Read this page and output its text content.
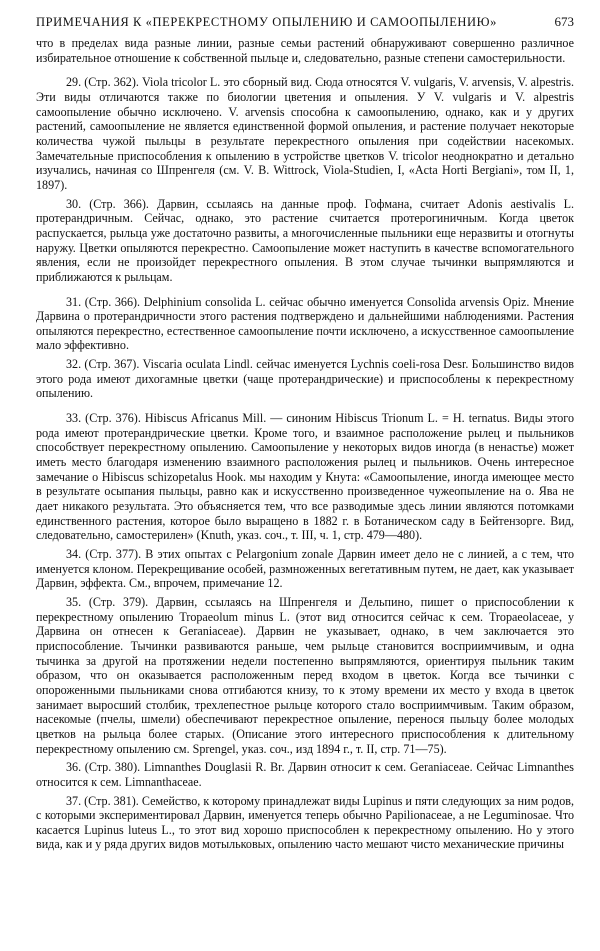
ПРИМЕЧАНИЯ К «ПЕРЕКРЕСТНОМУ ОПЫЛЕНИЮ И САМООПЫЛЕНИЮ»	673

что в пределах вида разные линии, разные семьи растений обнаруживают совершенно различное избирательное отношение к собственной пыльце и, следовательно, разные степени самостерильности.

29. (Стр. 362). Viola tricolor L. это сборный вид. Сюда относятся V. vulgaris, V. arvensis, V. alpestris. Эти виды отличаются также по биологии цветения и опыления. У V. vulgaris и V. alpestris самоопыление обычно исключено. V. arvensis способна к самоопылению, однако, как и у других растений, самоопыление не является единственной формой опыления, и растение получает некоторые количества чужой пыльцы в результате перекрестного опыления при содействии насекомых. Замечательные приспособления к опылению в устройстве цветков V. tricolor неоднократно и детально изучались, начиная со Шпренгеля (см. V. B. Wittrock, Viola-Studien, I, «Acta Horti Bergiani», том II, 1, 1897).

30. (Стр. 366). Дарвин, ссылаясь на данные проф. Гофмана, считает Adonis aestivalis L. протерандричным. Сейчас, однако, это растение считается протерогиничным. Когда цветок распускается, рыльца уже достаточно развиты, а многочисленные пыльники еще неразвиты и отогнуты наружу. Цветки опыляются перекрестно. Самоопыление может наступить в качестве вспомогательного явления, если не произойдет перекрестного опыления. В этом случае тычинки выпрямляются и приближаются к рыльцам.

31. (Стр. 366). Delphinium consolida L. сейчас обычно именуется Consolida arvensis Opiz. Мнение Дарвина о протерандричности этого растения подтверждено и дальнейшими наблюдениями. Растения опыляются перекрестно, естественное самоопыление почти исключено, а искусственное самоопыление мало эффективно.

32. (Стр. 367). Viscaria oculata Lindl. сейчас именуется Lychnis coeli-rosa Desr. Большинство видов этого рода имеют дихогамные цветки (чаще протерандрические) и приспособлены к перекрестному опылению.

33. (Стр. 376). Hibiscus Africanus Mill. — синоним Hibiscus Trionum L. = H. ternatus. Виды этого рода имеют протерандрические цветки. Кроме того, и взаимное расположение рылец и пыльников способствует перекрестному опылению. Самоопыление у некоторых видов иногда (в ненастье) может иметь место благодаря изменению взаимного расположения рылец и пыльников. Очень интересное замечание о Hibiscus schizopetalus Hook. мы находим у Кнута: «Самоопыление, иногда имеющее место в результате осыпания пыльцы, равно как и искусственно произведенное чужеопыление на о. Ява не дает никакого результата. Это объясняется тем, что все разводимые здесь линии являются потомками единственного растения, которое было выращено в 1882 г. в Ботаническом саду в Бейтензорге. Вид, следовательно, самостерилен» (Knuth, указ. соч., т. III, ч. 1, стр. 479—480).

34. (Стр. 377). В этих опытах с Pelargonium zonale Дарвин имеет дело не с линией, а с тем, что именуется клоном. Перекрещивание особей, размноженных вегетативным путем, не дает, как указывает Дарвин, эффекта. См., впрочем, примечание 12.

35. (Стр. 379). Дарвин, ссылаясь на Шпренгеля и Дельпино, пишет о приспособлении к перекрестному опылению Tropaeolum minus L. (этот вид относится сейчас к сем. Tropaeolaceae, у Дарвина он отнесен к Geraniaceae). Дарвин не указывает, однако, в чем заключается это приспособление. Тычинки развиваются раньше, чем рыльце становится восприимчивым, и одна тычинка за другой на протяжении недели постепенно выпрямляются, ориентируя пыльник таким образом, что он оказывается расположенным перед входом в цветок. Когда все тычинки с опороженными пыльниками снова отгибаются книзу, то к этому времени их место у входа в цветок занимает выросший столбик, трехлепестное рыльце которого стало восприимчивым. Таким образом, насекомые (пчелы, шмели) обеспечивают перекрестное опыление, перенося пыльцу более молодых цветков на рыльца более старых. (Описание этого интересного приспособления к длительному перекрестному опылению см. Sprengel, указ. соч., изд 1894 г., т. II, стр. 71—75).

36. (Стр. 380). Limnanthes Douglasii R. Br. Дарвин относит к сем. Geraniaceae. Сейчас Limnanthes относится к сем. Limnanthaceae.

37. (Стр. 381). Семейство, к которому принадлежат виды Lupinus и пяти следующих за ним родов, с которыми экспериментировал Дарвин, именуется теперь обычно Papilionaceae, а не Leguminosae. Что касается Lupinus luteus L., то этот вид хорошо приспособлен к перекрестному опылению. Но у этого вида, как и у ряда других видов мотыльковых, опылению часто мешают чисто механические причины
